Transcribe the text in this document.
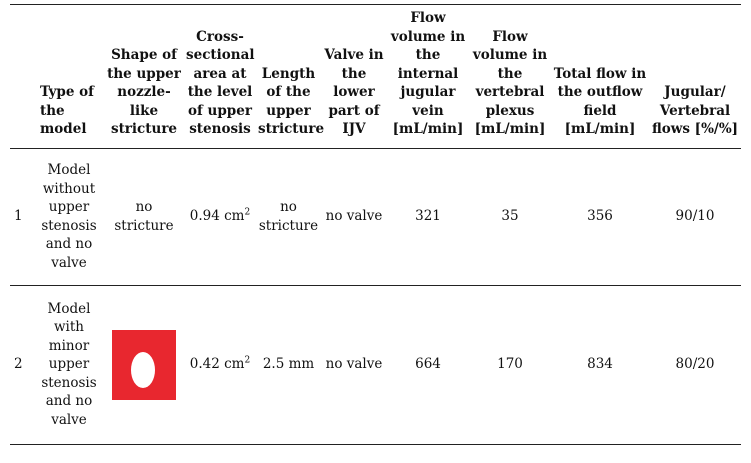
	Type of the model	Shape of the upper nozzle-like stricture	Cross-sectional area at the level of upper stenosis	Length of the upper stricture	Valve in the lower part of IJV	Flow volume in the internal jugular vein [mL/min]	Flow volume in the vertebral plexus [mL/min]	Total flow in the outflow field [mL/min]	Jugular/ Vertebral flows [%/%]
1	Model without upper stenosis and no valve	no stricture	0.94 $cm^2$	no stricture	no valve	321	35	356	90/10
2	Model with minor upper stenosis and no valve		0.42 $cm^2$	2.5 mm	no valve	664	170	834	80/20
